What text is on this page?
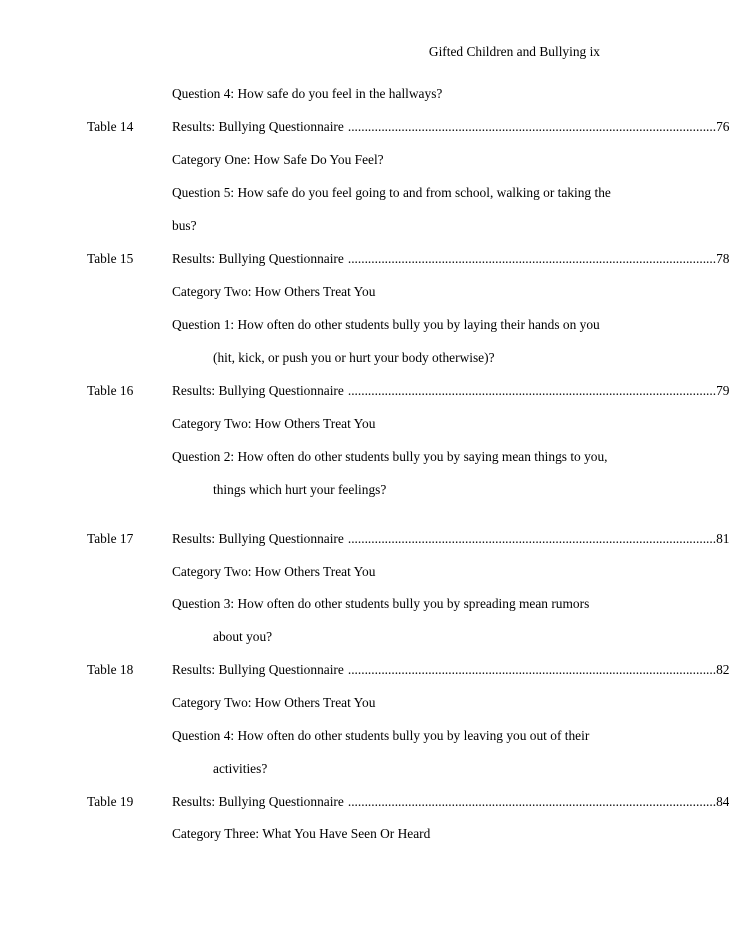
Gifted Children and Bullying ix
Question 4: How safe do you feel in the hallways?
Table 14	Results: Bullying Questionnaire .............................................................................................................. 76
Category One: How Safe Do You Feel?
Question 5: How safe do you feel going to and from school, walking or taking the
bus?
Table 15	Results: Bullying Questionnaire .............................................................................................................. 78
Category Two: How Others Treat You
Question 1: How often do other students bully you by laying their hands on you
(hit, kick, or push you or hurt your body otherwise)?
Table 16	Results: Bullying Questionnaire .............................................................................................................. 79
Category Two: How Others Treat You
Question 2: How often do other students bully you by saying mean things to you,
things which hurt your feelings?
Table 17	Results: Bullying Questionnaire .............................................................................................................. 81
Category Two: How Others Treat You
Question 3: How often do other students bully you by spreading mean rumors
about you?
Table 18	Results: Bullying Questionnaire .............................................................................................................. 82
Category Two: How Others Treat You
Question 4: How often do other students bully you by leaving you out of their
activities?
Table 19	Results: Bullying Questionnaire .............................................................................................................. 84
Category Three: What You Have Seen Or Heard
